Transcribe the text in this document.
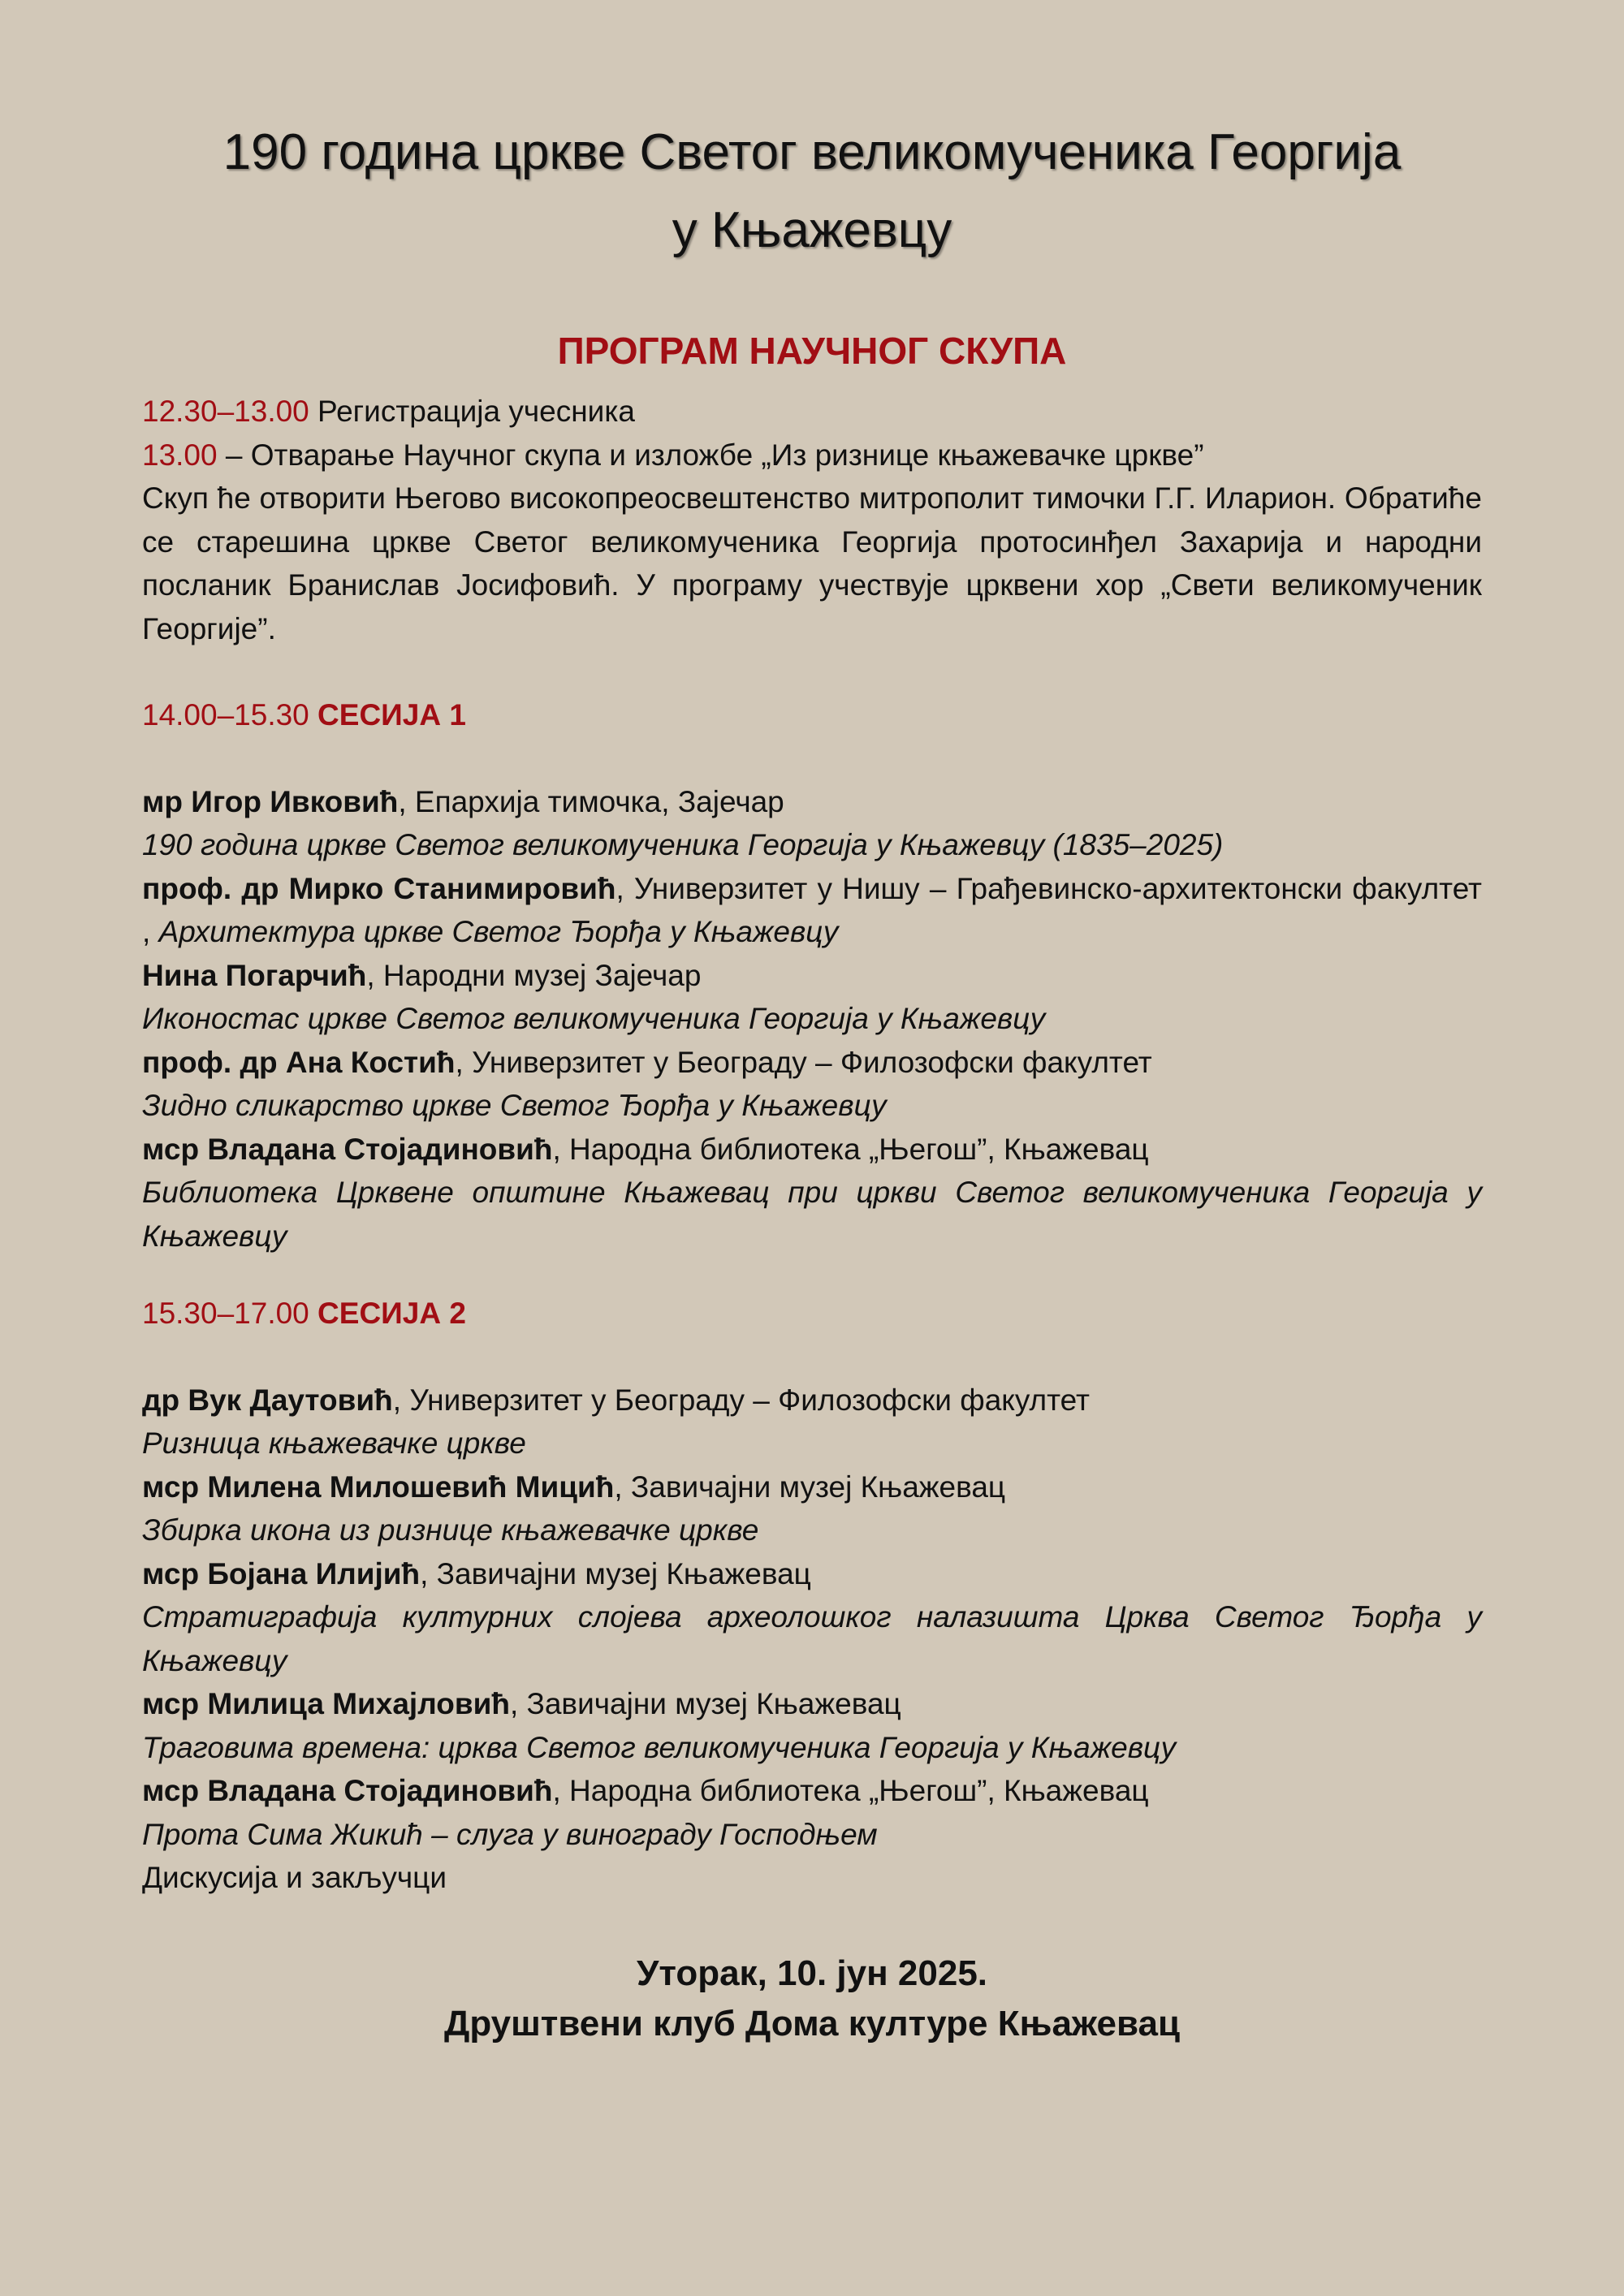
190 година цркве Светог великомученика Георгија
у Књажевцу
ПРОГРАМ НАУЧНОГ СКУПА
12.30–13.00 Регистрација учесника
13.00 – Отварање Научног скупа и изложбе „Из ризнице књажевачке цркве”
Скуп ће отворити Његово високопреосвештенство митрополит тимочки Г.Г. Иларион. Обратиће се старешина цркве Светог великомученика Георгија протосинђел Захарија и народни посланик Бранислав Јосифовић. У програму учествује црквени хор „Свети великомученик Георгије”.
14.00–15.30 СЕСИЈА 1
мр Игор Ивковић, Епархија тимочка, Зајечар
190 година цркве Светог великомученика Георгија у Књажевцу (1835–2025)
проф. др Мирко Станимировић, Универзитет у Нишу – Грађевинско-архитектонски факултет , Архитектура цркве Светог Ђорђа у Књажевцу
Нина Погарчић, Народни музеј Зајечар
Иконостас цркве Светог великомученика Георгија у Књажевцу
проф. др Ана Костић, Универзитет у Београду – Филозофски факултет
Зидно сликарство цркве Светог Ђорђа у Књажевцу
мср Владана Стојадиновић, Народна библиотека „Његош”, Књажевац
Библиотека Црквене општине Књажевац при цркви Светог великомученика Георгија у Књажевцу
15.30–17.00 СЕСИЈА 2
др Вук Даутовић, Универзитет у Београду – Филозофски факултет
Ризница књажевачке цркве
мср Милена Милошевић Мицић, Завичајни музеј Књажевац
Збирка икона из ризнице књажевачке цркве
мср Бојана Илијић, Завичајни музеј Књажевац
Стратиграфија културних слојева археолошког налазишта Црква Светог Ђорђа у Књажевцу
мср Милица Михајловић, Завичајни музеј Књажевац
Траговима времена: црква Светог великомученика Георгија у Књажевцу
мср Владана Стојадиновић, Народна библиотека „Његош”, Књажевац
Прота Сима Жикић – слуга у винограду Господњем
Дискусија и закључци
Уторак, 10. јун 2025.
Друштвени клуб Дома културе Књажевац
